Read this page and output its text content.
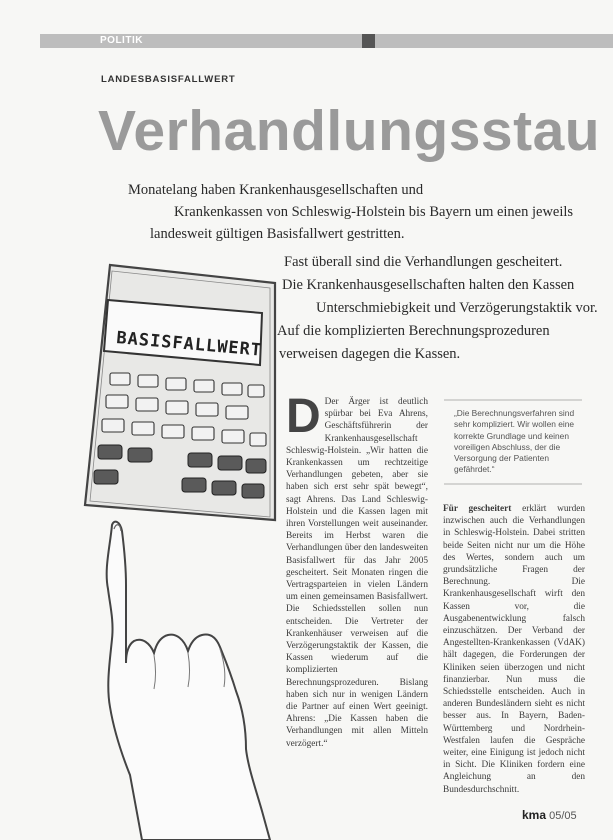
POLITIK
LANDESBASISFALLWERT
Verhandlungsstau

Monatelang haben Krankenhausgesellschaften und

Krankenkassen von Schleswig-Holstein bis Bayern um einen jeweils

landesweit gültigen Basisfallwert gestritten.

Fast überall sind die Verhandlungen gescheitert.

Die Krankenhausgesellschaften halten den Kassen

Unterschmiebigkeit und Verzögerungstaktik vor.

Auf die komplizierten Berechnungsprozeduren

verweisen dagegen die Kassen.

BASISFALLWERT

D Der Ärger ist deutlich spürbar bei Eva Ahrens, Geschäftsführerin der Krankenhausgesellschaft Schleswig-Holstein. „Wir hatten die Krankenkassen um rechtzeitige Verhandlungen gebeten, aber sie haben sich erst sehr spät bewegt“, sagt Ahrens. Das Land Schleswig-Holstein und die Kassen lagen mit ihren Vorstellungen weit auseinander. Bereits im Herbst waren die Verhandlungen über den landesweiten Basisfallwert für das Jahr 2005 gescheitert. Seit Monaten ringen die Vertragsparteien in vielen Ländern um einen gemeinsamen Basisfallwert. Die Schiedsstellen sollen nun entscheiden. Die Vertreter der Krankenhäuser verweisen auf die Verzögerungstaktik der Kassen, die Kassen wiederum auf die komplizierten Berechnungsprozeduren. Bislang haben sich nur in wenigen Ländern die Partner auf einen Wert geeinigt. Ahrens: „Die Kassen haben die Verhandlungen mit allen Mitteln verzögert.“

„Die Berechnungsverfahren sind sehr kompliziert. Wir wollen eine korrekte Grundlage und keinen voreiligen Abschluss, der die Versorgung der Patienten gefährdet.“

Für gescheitert erklärt wurden inzwischen auch die Verhandlungen in Schleswig-Holstein. Dabei stritten beide Seiten nicht nur um die Höhe des Wertes, sondern auch um grundsätzliche Fragen der Berechnung. Die Krankenhausgesellschaft wirft den Kassen vor, die Ausgabenentwicklung falsch einzuschätzen. Der Verband der Angestellten-Krankenkassen (VdAK) hält dagegen, die Forderungen der Kliniken seien überzogen und nicht finanzierbar. Nun muss die Schiedsstelle entscheiden. Auch in anderen Bundesländern sieht es nicht besser aus. In Bayern, Baden-Württemberg und Nordrhein-Westfalen laufen die Gespräche weiter, eine Einigung ist jedoch nicht in Sicht. Die Kliniken fordern eine Angleichung an den Bundesdurchschnitt.

kma 05/05
